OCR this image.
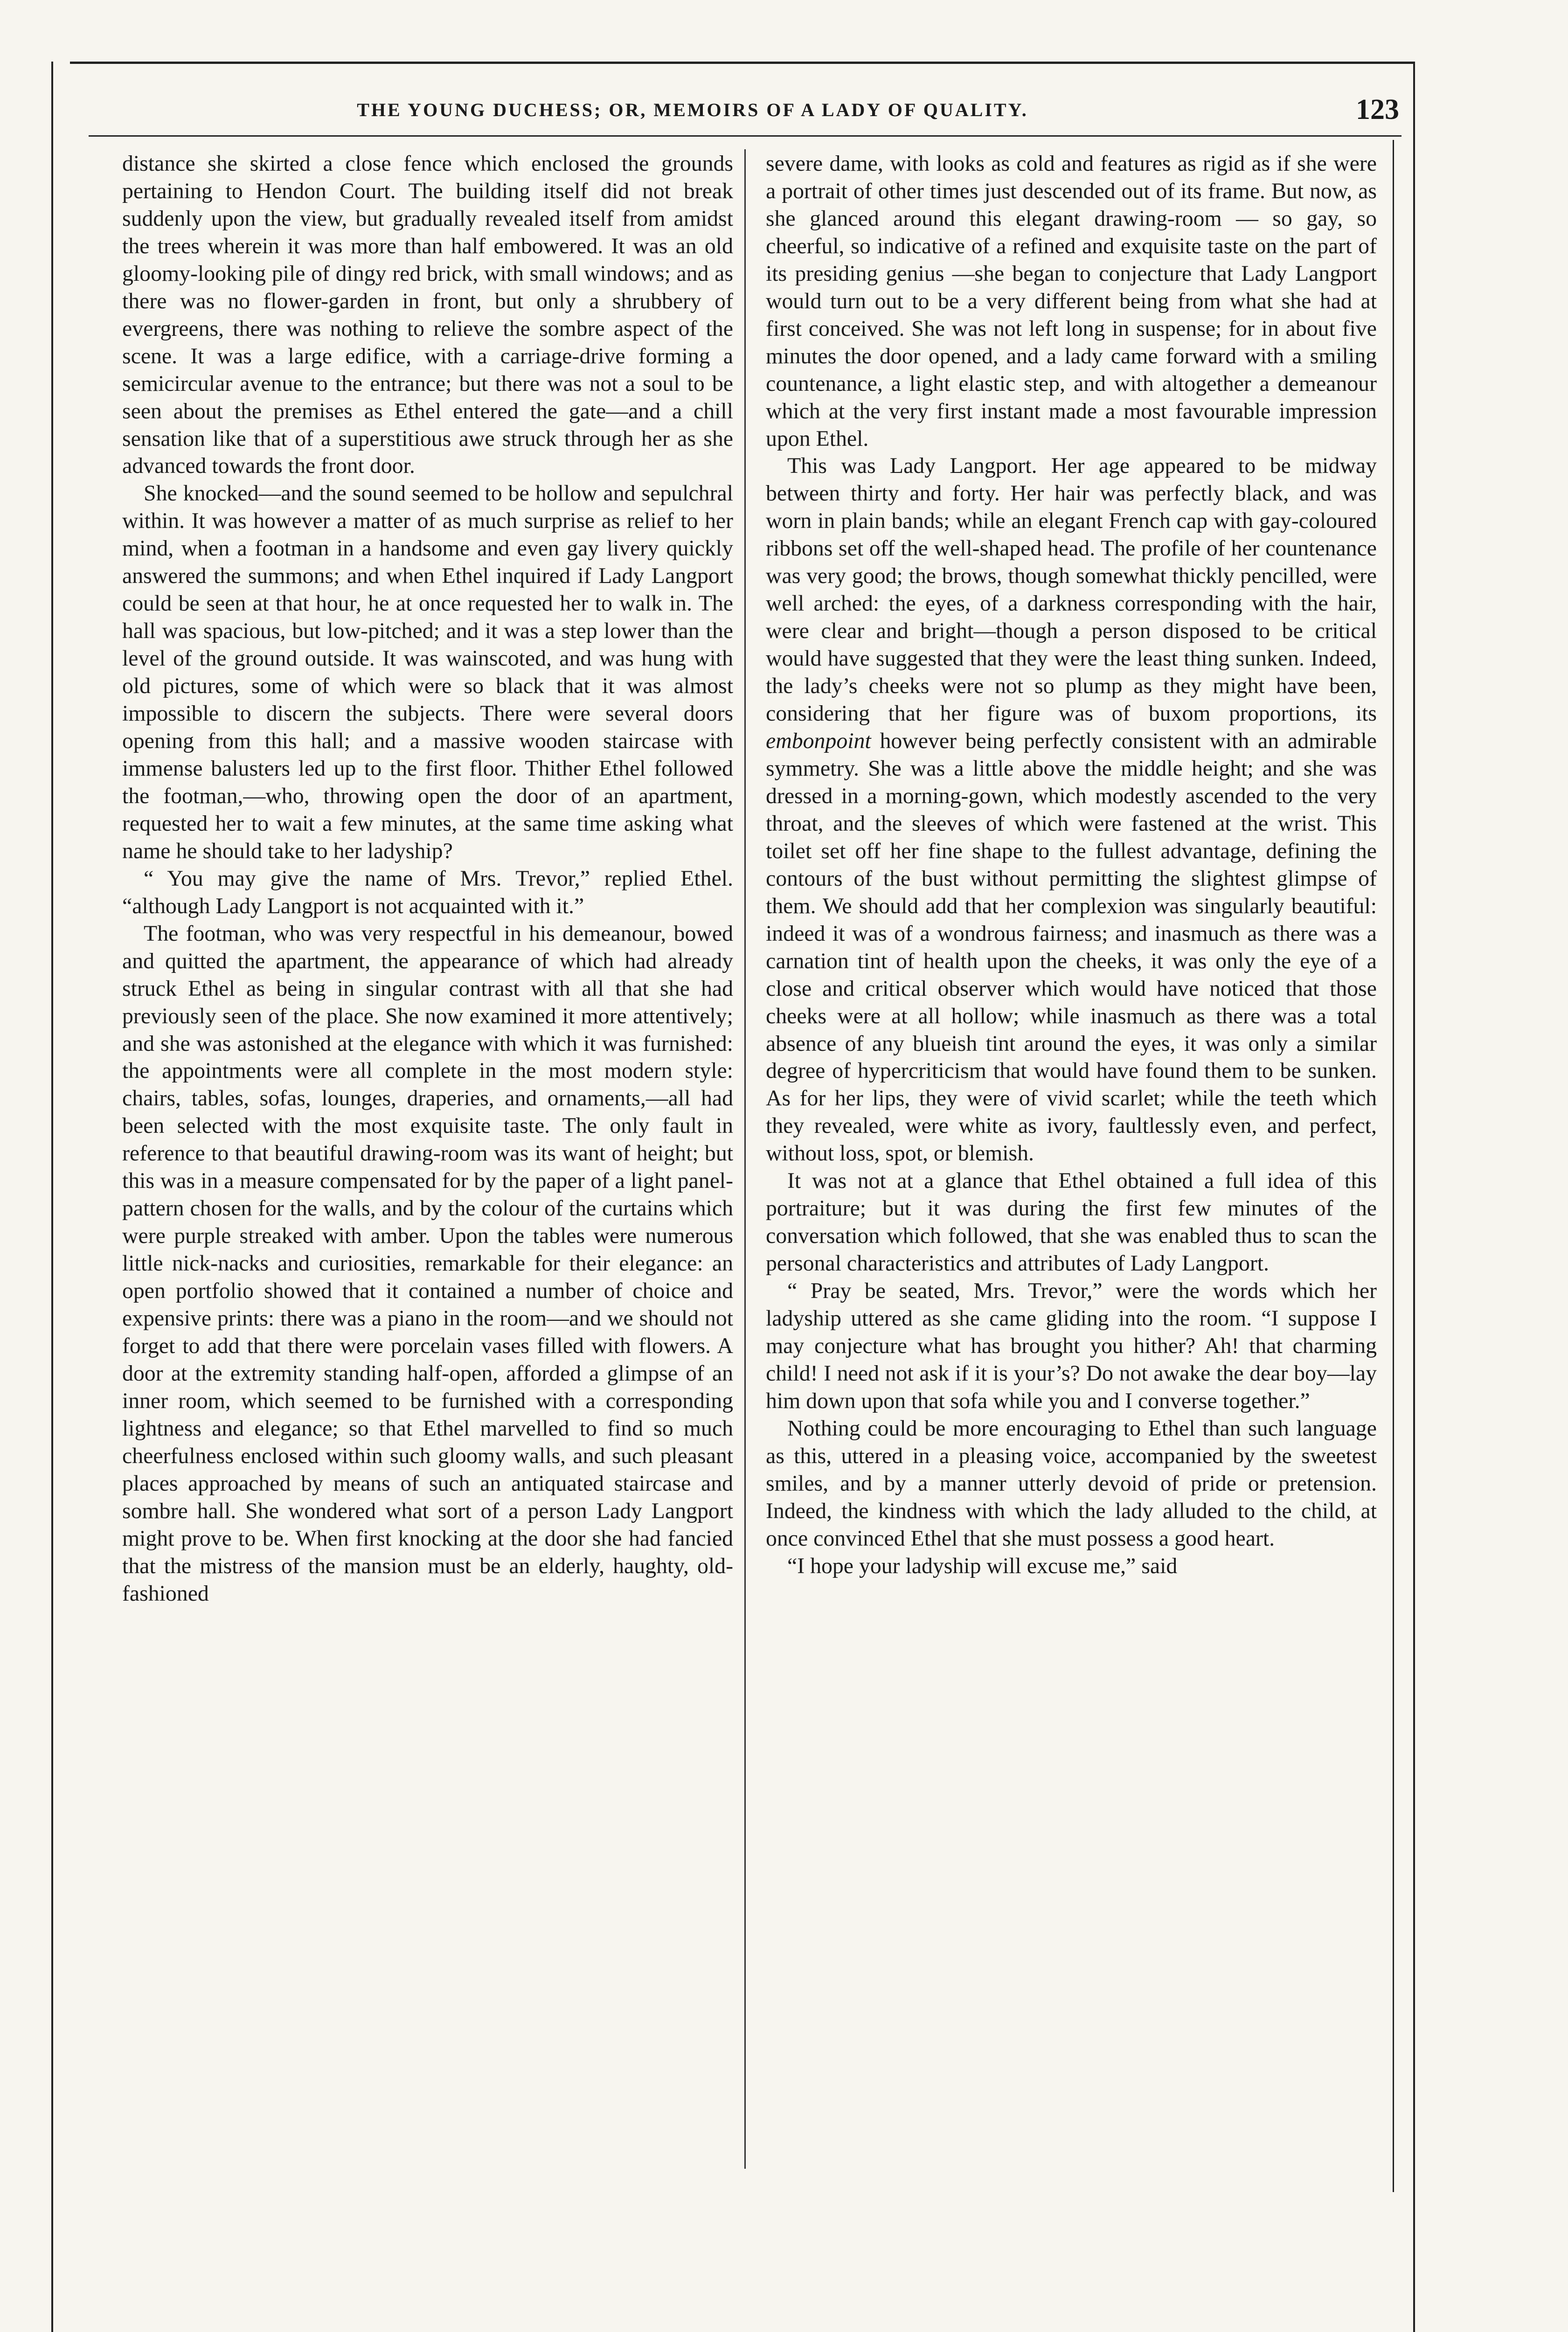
THE YOUNG DUCHESS; OR, MEMOIRS OF A LADY OF QUALITY.	123

distance she skirted a close fence which enclosed the grounds pertaining to Hendon Court. The building itself did not break suddenly upon the view, but gradually revealed itself from amidst the trees wherein it was more than half embowered. It was an old gloomy-looking pile of dingy red brick, with small windows; and as there was no flower-garden in front, but only a shrubbery of evergreens, there was nothing to relieve the sombre aspect of the scene. It was a large edifice, with a carriage-drive forming a semicircular avenue to the entrance; but there was not a soul to be seen about the premises as Ethel entered the gate—and a chill sensation like that of a superstitious awe struck through her as she advanced towards the front door.

She knocked—and the sound seemed to be hollow and sepulchral within. It was however a matter of as much surprise as relief to her mind, when a footman in a handsome and even gay livery quickly answered the summons; and when Ethel inquired if Lady Langport could be seen at that hour, he at once requested her to walk in. The hall was spacious, but low-pitched; and it was a step lower than the level of the ground outside. It was wainscoted, and was hung with old pictures, some of which were so black that it was almost impossible to discern the subjects. There were several doors opening from this hall; and a massive wooden staircase with immense balusters led up to the first floor. Thither Ethel followed the footman,—who, throwing open the door of an apartment, requested her to wait a few minutes, at the same time asking what name he should take to her ladyship?

“ You may give the name of Mrs. Trevor,” replied Ethel. “although Lady Langport is not acquainted with it.”

The footman, who was very respectful in his demeanour, bowed and quitted the apartment, the appearance of which had already struck Ethel as being in singular contrast with all that she had previously seen of the place. She now examined it more attentively; and she was astonished at the elegance with which it was furnished: the appointments were all complete in the most modern style: chairs, tables, sofas, lounges, draperies, and ornaments,—all had been selected with the most exquisite taste. The only fault in reference to that beautiful drawing-room was its want of height; but this was in a measure compensated for by the paper of a light panel-pattern chosen for the walls, and by the colour of the curtains which were purple streaked with amber. Upon the tables were numerous little nick-nacks and curiosities, remarkable for their elegance: an open portfolio showed that it contained a number of choice and expensive prints: there was a piano in the room—and we should not forget to add that there were porcelain vases filled with flowers. A door at the extremity standing half-open, afforded a glimpse of an inner room, which seemed to be furnished with a corresponding lightness and elegance; so that Ethel marvelled to find so much cheerfulness enclosed within such gloomy walls, and such pleasant places approached by means of such an antiquated staircase and sombre hall. She wondered what sort of a person Lady Langport might prove to be. When first knocking at the door she had fancied that the mistress of the mansion must be an elderly, haughty, old-fashioned

severe dame, with looks as cold and features as rigid as if she were a portrait of other times just descended out of its frame. But now, as she glanced around this elegant drawing-room — so gay, so cheerful, so indicative of a refined and exquisite taste on the part of its presiding genius —she began to conjecture that Lady Langport would turn out to be a very different being from what she had at first conceived. She was not left long in suspense; for in about five minutes the door opened, and a lady came forward with a smiling countenance, a light elastic step, and with altogether a demeanour which at the very first instant made a most favourable impression upon Ethel.

This was Lady Langport. Her age appeared to be midway between thirty and forty. Her hair was perfectly black, and was worn in plain bands; while an elegant French cap with gay-coloured ribbons set off the well-shaped head. The profile of her countenance was very good; the brows, though somewhat thickly pencilled, were well arched: the eyes, of a darkness corresponding with the hair, were clear and bright—though a person disposed to be critical would have suggested that they were the least thing sunken. Indeed, the lady’s cheeks were not so plump as they might have been, considering that her figure was of buxom proportions, its embonpoint however being perfectly consistent with an admirable symmetry. She was a little above the middle height; and she was dressed in a morning-gown, which modestly ascended to the very throat, and the sleeves of which were fastened at the wrist. This toilet set off her fine shape to the fullest advantage, defining the contours of the bust without permitting the slightest glimpse of them. We should add that her complexion was singularly beautiful: indeed it was of a wondrous fairness; and inasmuch as there was a carnation tint of health upon the cheeks, it was only the eye of a close and critical observer which would have noticed that those cheeks were at all hollow; while inasmuch as there was a total absence of any blueish tint around the eyes, it was only a similar degree of hypercriticism that would have found them to be sunken. As for her lips, they were of vivid scarlet; while the teeth which they revealed, were white as ivory, faultlessly even, and perfect, without loss, spot, or blemish.

It was not at a glance that Ethel obtained a full idea of this portraiture; but it was during the first few minutes of the conversation which followed, that she was enabled thus to scan the personal characteristics and attributes of Lady Langport.

“ Pray be seated, Mrs. Trevor,” were the words which her ladyship uttered as she came gliding into the room. “I suppose I may conjecture what has brought you hither? Ah! that charming child! I need not ask if it is your’s? Do not awake the dear boy—lay him down upon that sofa while you and I converse together.”

Nothing could be more encouraging to Ethel than such language as this, uttered in a pleasing voice, accompanied by the sweetest smiles, and by a manner utterly devoid of pride or pretension. Indeed, the kindness with which the lady alluded to the child, at once convinced Ethel that she must possess a good heart.

“I hope your ladyship will excuse me,” said
